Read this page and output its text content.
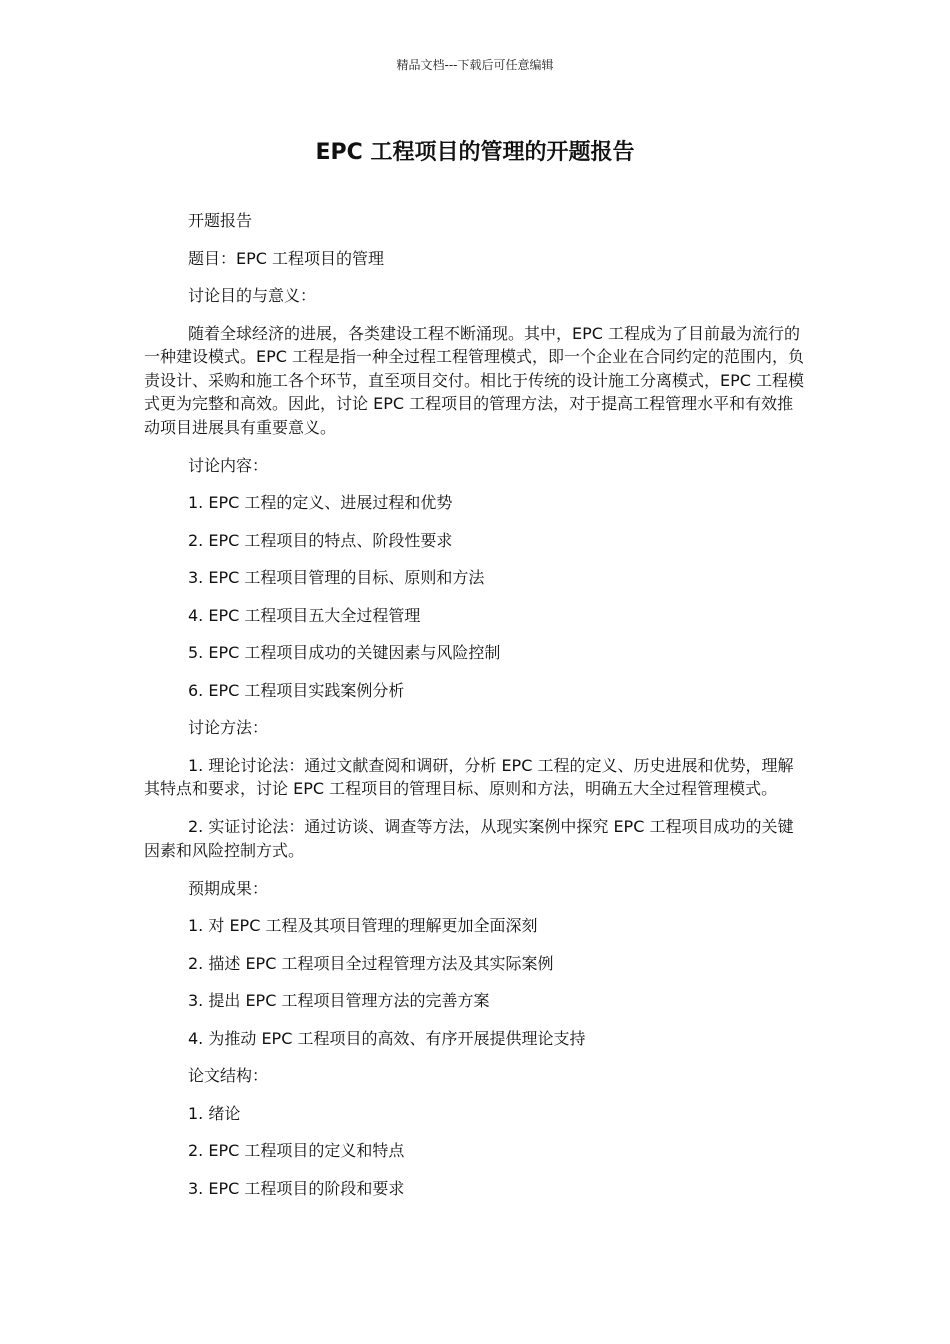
精品文档---下载后可任意编辑
EPC 工程项目的管理的开题报告

开题报告

题目：EPC 工程项目的管理

讨论目的与意义：

随着全球经济的进展，各类建设工程不断涌现。其中，EPC 工程成为了目前最为流行的一种建设模式。EPC 工程是指一种全过程工程管理模式，即一个企业在合同约定的范围内，负责设计、采购和施工各个环节，直至项目交付。相比于传统的设计施工分离模式，EPC 工程模式更为完整和高效。因此，讨论 EPC 工程项目的管理方法，对于提高工程管理水平和有效推动项目进展具有重要意义。

讨论内容：

1. EPC 工程的定义、进展过程和优势

2. EPC 工程项目的特点、阶段性要求

3. EPC 工程项目管理的目标、原则和方法

4. EPC 工程项目五大全过程管理

5. EPC 工程项目成功的关键因素与风险控制

6. EPC 工程项目实践案例分析

讨论方法：

1. 理论讨论法：通过文献查阅和调研，分析 EPC 工程的定义、历史进展和优势，理解其特点和要求，讨论 EPC 工程项目的管理目标、原则和方法，明确五大全过程管理模式。

2. 实证讨论法：通过访谈、调查等方法，从现实案例中探究 EPC 工程项目成功的关键因素和风险控制方式。

预期成果：

1. 对 EPC 工程及其项目管理的理解更加全面深刻

2. 描述 EPC 工程项目全过程管理方法及其实际案例

3. 提出 EPC 工程项目管理方法的完善方案

4. 为推动 EPC 工程项目的高效、有序开展提供理论支持

论文结构：

1. 绪论

2. EPC 工程项目的定义和特点

3. EPC 工程项目的阶段和要求
